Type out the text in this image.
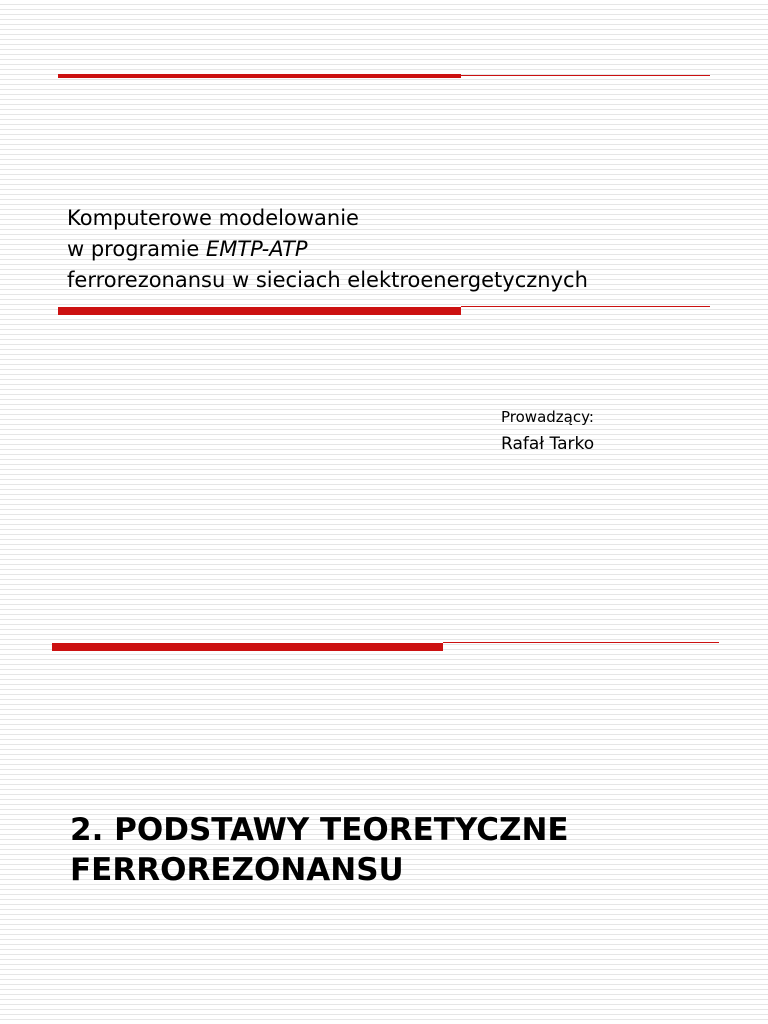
Komputerowe modelowanie
w programie EMTP-ATP
ferrorezonansu w sieciach elektroenergetycznych
Prowadzący:
Rafał Tarko
2. PODSTAWY TEORETYCZNE
FERROREZONANSU
